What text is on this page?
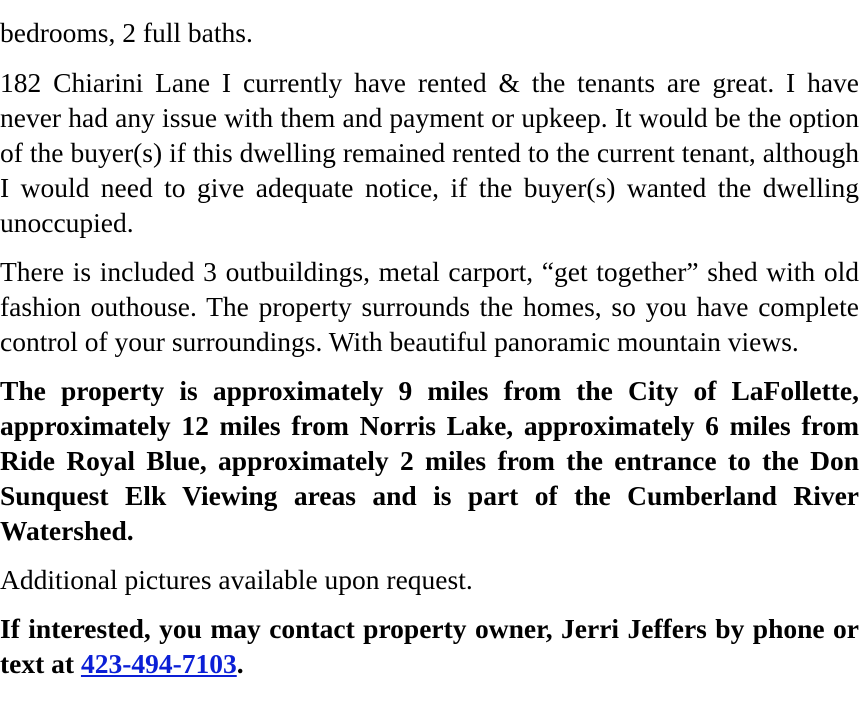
bedrooms, 2 full baths.

182 Chiarini Lane I currently have rented & the tenants are great. I have never had any issue with them and payment or upkeep. It would be the option of the buyer(s) if this dwelling remained rented to the current tenant, although I would need to give adequate notice, if the buyer(s) wanted the dwelling unoccupied.

There is included 3 outbuildings, metal carport, “get together” shed with old fashion outhouse. The property surrounds the homes, so you have complete control of your surroundings. With beautiful panoramic mountain views.

The property is approximately 9 miles from the City of LaFollette, approximately 12 miles from Norris Lake, approximately 6 miles from Ride Royal Blue, approximately 2 miles from the entrance to the Don Sunquest Elk Viewing areas and is part of the Cumberland River Watershed.

Additional pictures available upon request.

If interested, you may contact property owner, Jerri Jeffers by phone or text at 423-494-7103.
